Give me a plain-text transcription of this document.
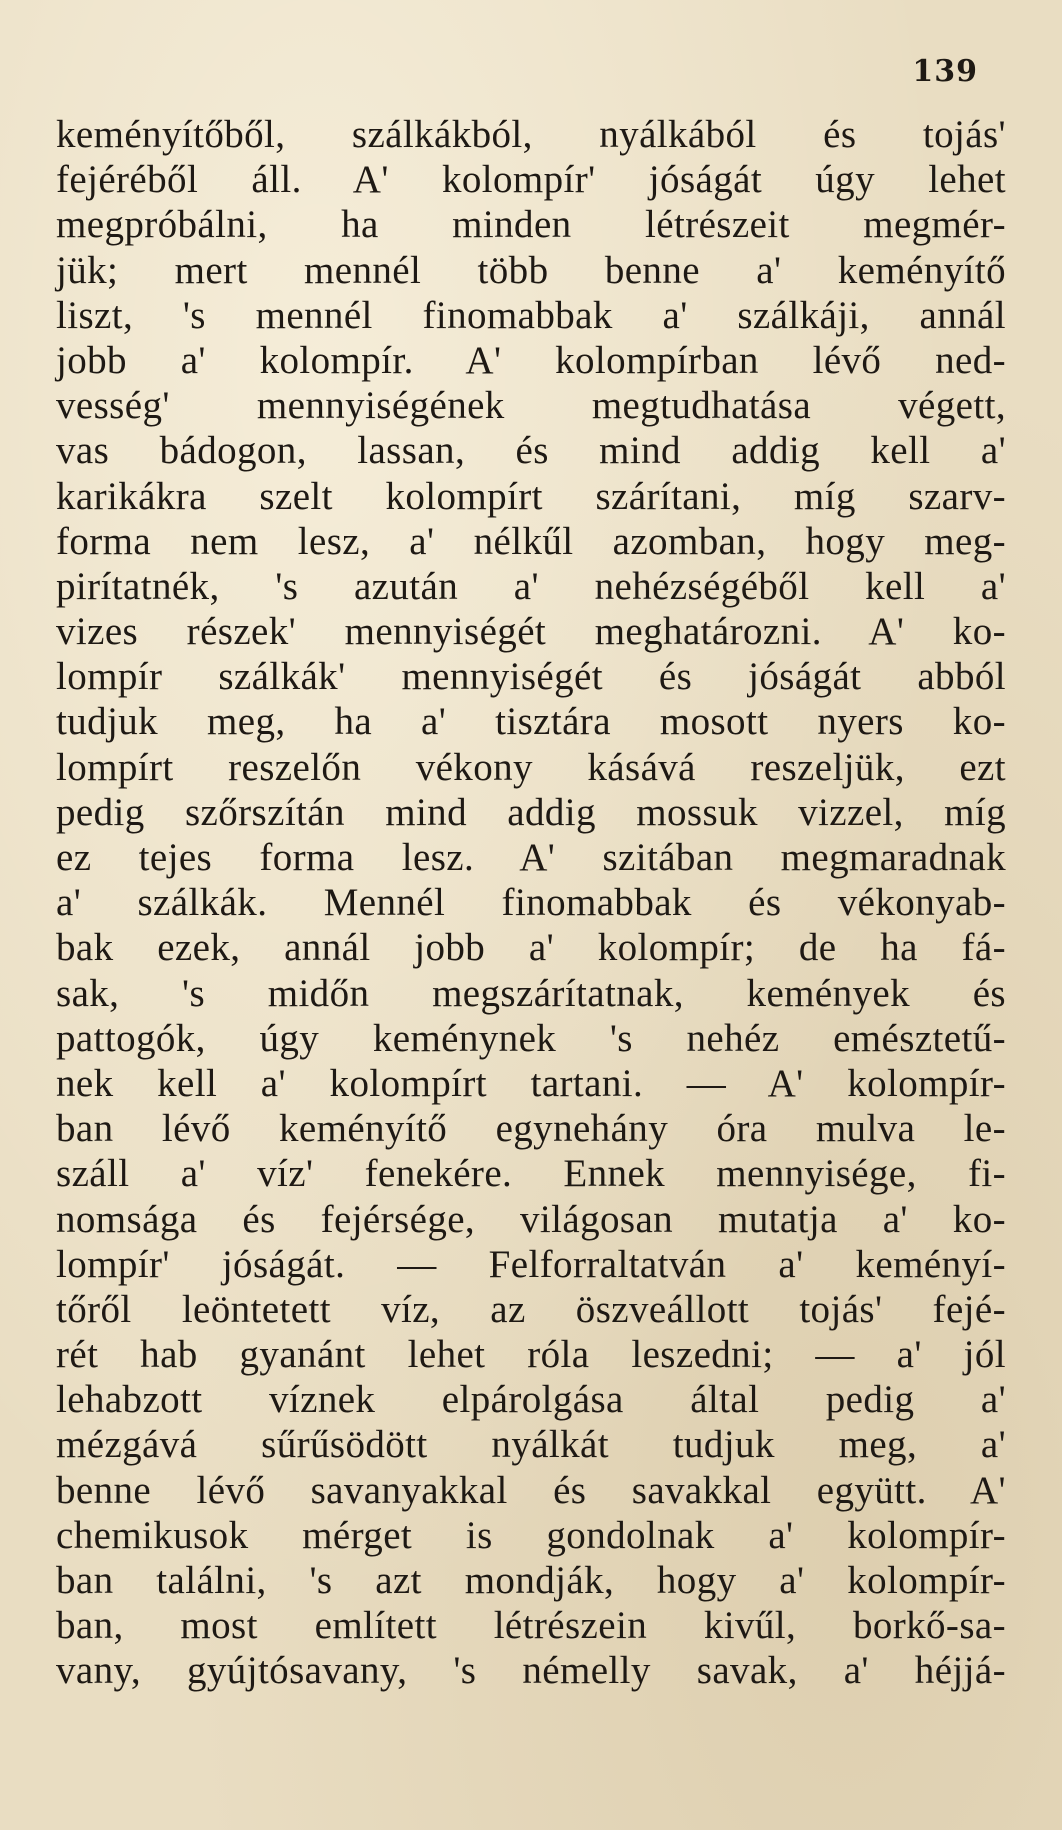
139
keményítőből, szálkákból, nyálkából és tojás'
fejéréből áll. A' kolompír' jóságát úgy lehet
megpróbálni, ha minden létrészeit megmér-
jük; mert mennél több benne a' keményítő
liszt, 's mennél finomabbak a' szálkáji, annál
jobb a' kolompír. A' kolompírban lévő ned-
vesség' mennyiségének megtudhatása végett,
vas bádogon, lassan, és mind addig kell a'
karikákra szelt kolompírt szárítani, míg szarv-
forma nem lesz, a' nélkűl azomban, hogy meg-
pirítatnék, 's azután a' nehézségéből kell a'
vizes részek' mennyiségét meghatározni. A' ko-
lompír szálkák' mennyiségét és jóságát abból
tudjuk meg, ha a' tisztára mosott nyers ko-
lompírt reszelőn vékony kásává reszeljük, ezt
pedig szőrszítán mind addig mossuk vizzel, míg
ez tejes forma lesz. A' szitában megmaradnak
a' szálkák. Mennél finomabbak és vékonyab-
bak ezek, annál jobb a' kolompír; de ha fá-
sak, 's midőn megszárítatnak, kemények és
pattogók, úgy keménynek 's nehéz emésztetű-
nek kell a' kolompírt tartani. — A' kolompír-
ban lévő keményítő egynehány óra mulva le-
száll a' víz' fenekére. Ennek mennyisége, fi-
nomsága és fejérsége, világosan mutatja a' ko-
lompír' jóságát. — Felforraltatván a' keményí-
tőről leöntetett víz, az öszveállott tojás' fejé-
rét hab gyanánt lehet róla leszedni; — a' jól
lehabzott víznek elpárolgása által pedig a'
mézgává sűrűsödött nyálkát tudjuk meg, a'
benne lévő savanyakkal és savakkal együtt. A'
chemikusok mérget is gondolnak a' kolompír-
ban találni, 's azt mondják, hogy a' kolompír-
ban, most említett létrészein kivűl, borkő-sa-
vany, gyújtósavany, 's némelly savak, a' héjjá-
